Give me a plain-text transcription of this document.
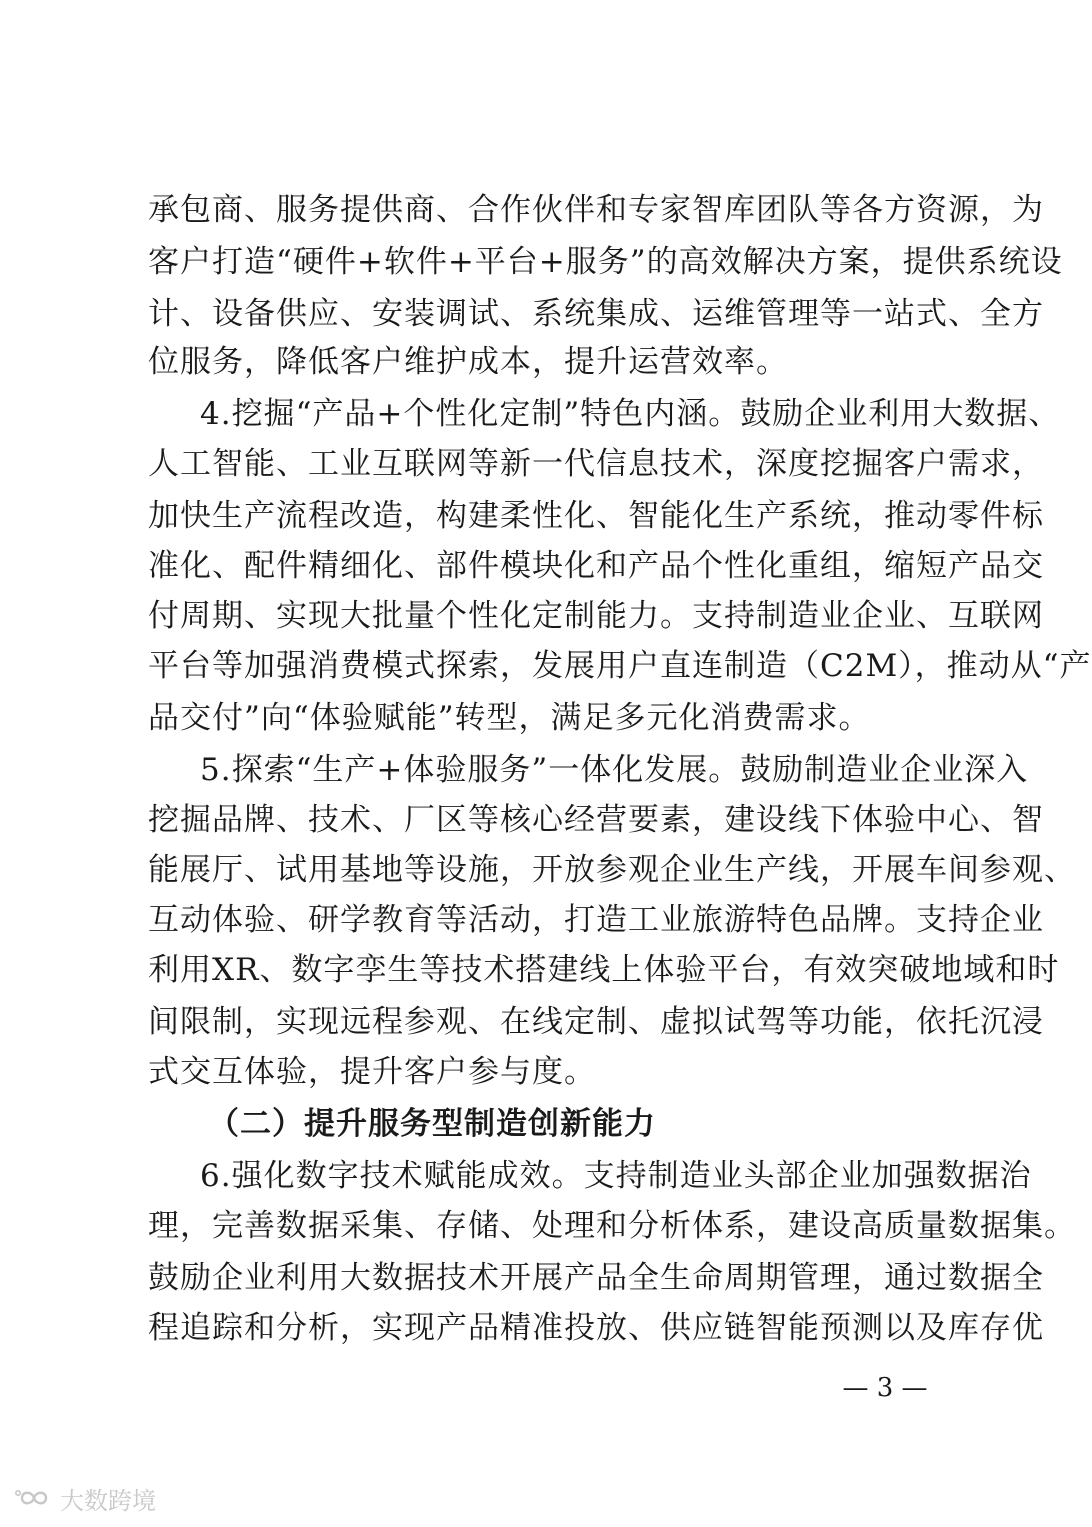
承包商、服务提供商、合作伙伴和专家智库团队等各方资源，为
客户打造“硬件+软件+平台+服务”的高效解决方案，提供系统设
计、设备供应、安装调试、系统集成、运维管理等一站式、全方
位服务，降低客户维护成本，提升运营效率。
4.挖掘“产品+个性化定制”特色内涵。鼓励企业利用大数据、
人工智能、工业互联网等新一代信息技术，深度挖掘客户需求，
加快生产流程改造，构建柔性化、智能化生产系统，推动零件标
准化、配件精细化、部件模块化和产品个性化重组，缩短产品交
付周期、实现大批量个性化定制能力。支持制造业企业、互联网
平台等加强消费模式探索，发展用户直连制造（C2M），推动从“产
品交付”向“体验赋能”转型，满足多元化消费需求。
5.探索“生产+体验服务”一体化发展。鼓励制造业企业深入
挖掘品牌、技术、厂区等核心经营要素，建设线下体验中心、智
能展厅、试用基地等设施，开放参观企业生产线，开展车间参观、
互动体验、研学教育等活动，打造工业旅游特色品牌。支持企业
利用XR、数字孪生等技术搭建线上体验平台，有效突破地域和时
间限制，实现远程参观、在线定制、虚拟试驾等功能，依托沉浸
式交互体验，提升客户参与度。
（二）提升服务型制造创新能力
6.强化数字技术赋能成效。支持制造业头部企业加强数据治
理，完善数据采集、存储、处理和分析体系，建设高质量数据集。
鼓励企业利用大数据技术开展产品全生命周期管理，通过数据全
程追踪和分析，实现产品精准投放、供应链智能预测以及库存优
— 3 —
大数跨境
